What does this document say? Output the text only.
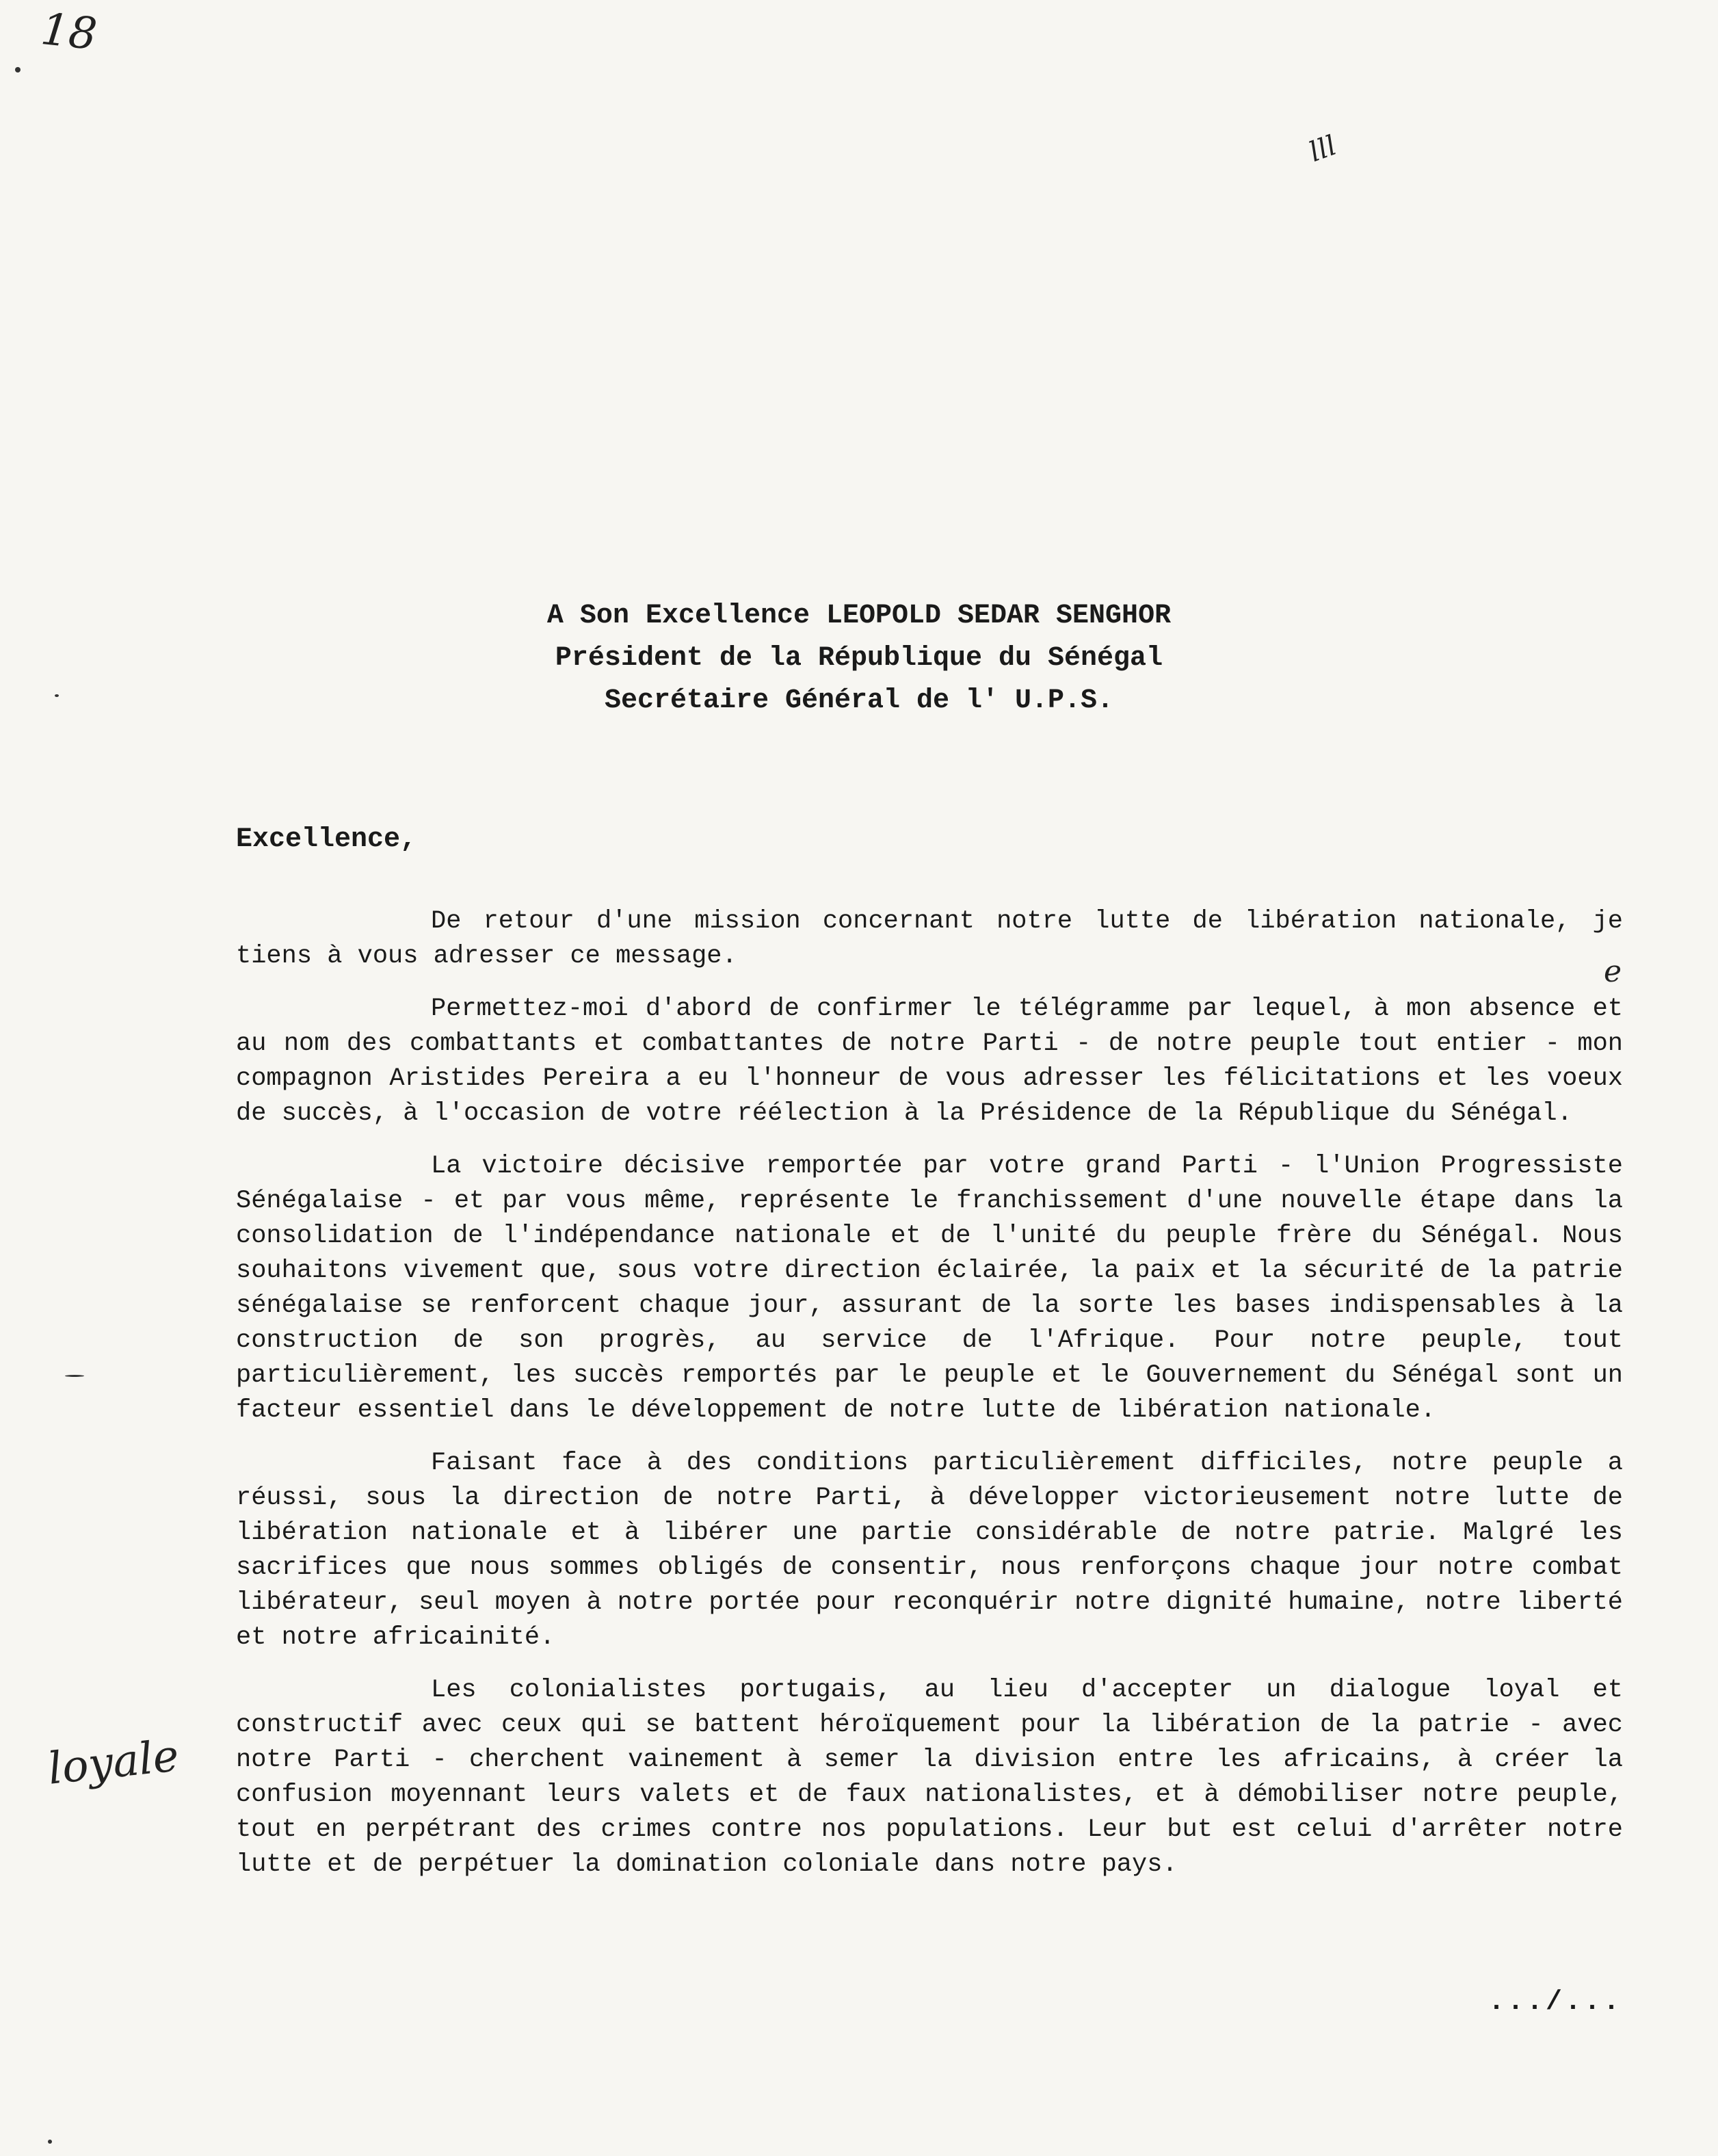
18
lll
e
loyale
A Son Excellence LEOPOLD SEDAR SENGHOR
Président de la République du Sénégal
Secrétaire Général de l' U.P.S.
Excellence,

De retour d'une mission concernant notre lutte de libération nationale, je tiens à vous adresser ce message.

Permettez-moi d'abord de confirmer le télégramme par lequel, à mon absence et au nom des combattants et combattantes de notre Parti - de notre peuple tout entier - mon compagnon Aristides Pereira a eu l'honneur de vous adresser les félicitations et les voeux de succès, à l'occasion de votre réélection à la Présidence de la République du Sénégal.

La victoire décisive remportée par votre grand Parti - l'Union Progressiste Sénégalaise - et par vous même, représente le franchissement d'une nouvelle étape dans la consolidation de l'indépendance nationale et de l'unité du peuple frère du Sénégal. Nous souhaitons vivement que, sous votre direction éclairée, la paix et la sécurité de la patrie sénégalaise se renforcent chaque jour, assurant de la sorte les bases indispensables à la construction de son progrès, au service de l'Afrique. Pour notre peuple, tout particulièrement, les succès remportés par le peuple et le Gouvernement du Sénégal sont un facteur essentiel dans le développement de notre lutte de libération nationale.

Faisant face à des conditions particulièrement difficiles, notre peuple a réussi, sous la direction de notre Parti, à développer victorieusement notre lutte de libération nationale et à libérer une partie considérable de notre patrie. Malgré les sacrifices que nous sommes obligés de consentir, nous renforçons chaque jour notre combat libérateur, seul moyen à notre portée pour reconquérir notre dignité humaine, notre liberté et notre africainité.

Les colonialistes portugais, au lieu d'accepter un dialogue loyal et constructif avec ceux qui se battent héroïquement pour la libération de la patrie - avec notre Parti - cherchent vainement à semer la division entre les africains, à créer la confusion moyennant leurs valets et de faux nationalistes, et à démobiliser notre peuple, tout en perpétrant des crimes contre nos populations. Leur but est celui d'arrêter notre lutte et de perpétuer la domination coloniale dans notre pays.

.../...
